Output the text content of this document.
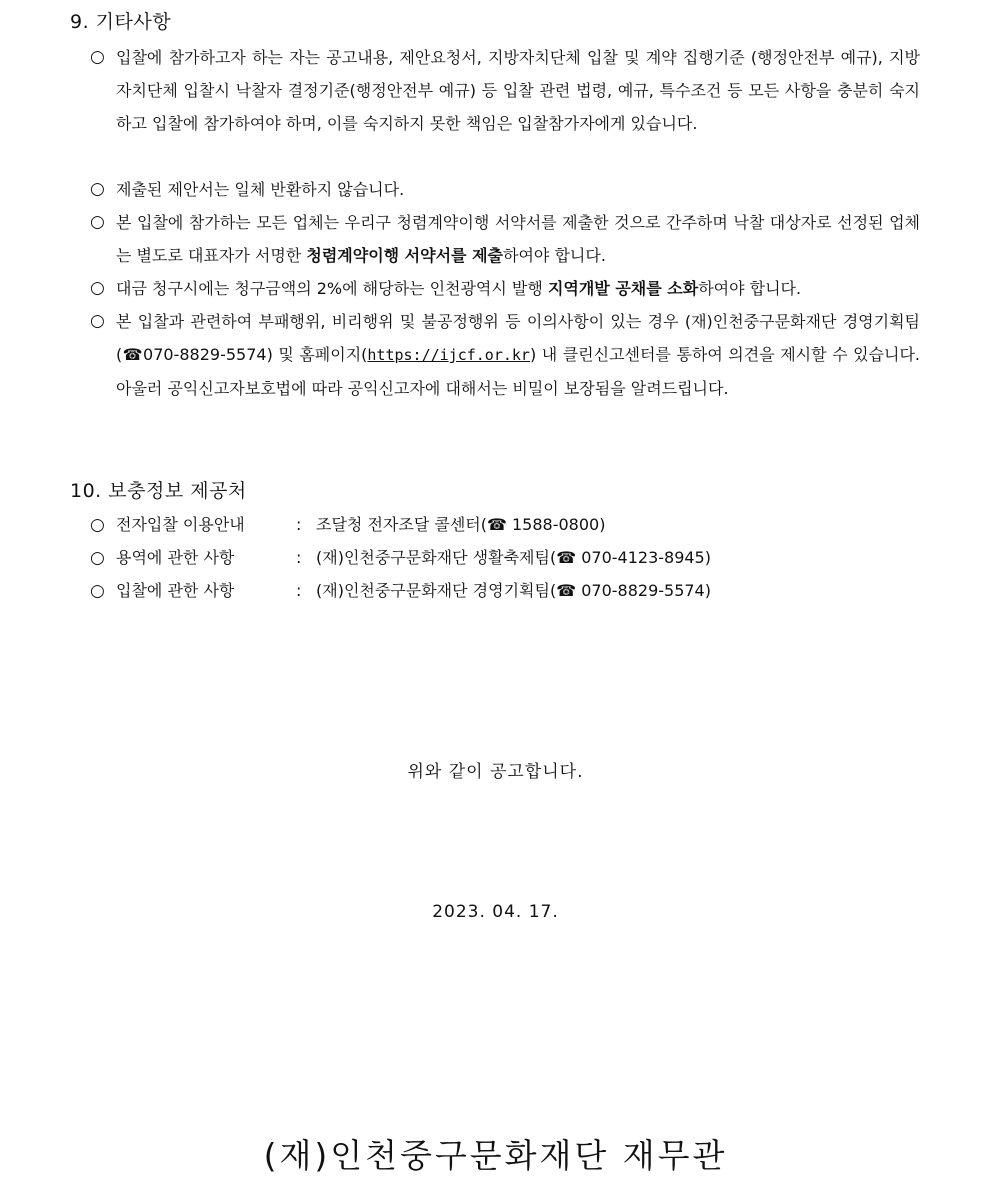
9. 기타사항
○ 입찰에 참가하고자 하는 자는 공고내용, 제안요청서, 지방자치단체 입찰 및 계약 집행기준 (행정안전부 예규), 지방자치단체 입찰시 낙찰자 결정기준(행정안전부 예규) 등 입찰 관련 법령, 예규, 특수조건 등 모든 사항을 충분히 숙지하고 입찰에 참가하여야 하며, 이를 숙지하지 못한 책임은 입찰참가자에게 있습니다.
○ 제출된 제안서는 일체 반환하지 않습니다.
○ 본 입찰에 참가하는 모든 업체는 우리구 청렴계약이행 서약서를 제출한 것으로 간주하며 낙찰 대상자로 선정된 업체는 별도로 대표자가 서명한 청렴계약이행 서약서를 제출하여야 합니다.
○ 대금 청구시에는 청구금액의 2%에 해당하는 인천광역시 발행 지역개발 공채를 소화하여야 합니다.
○ 본 입찰과 관련하여 부패행위, 비리행위 및 불공정행위 등 이의사항이 있는 경우 (재)인천중구문화재단 경영기획팀(☎070-8829-5574) 및 홈페이지(https://ijcf.or.kr) 내 클린신고센터를 통하여 의견을 제시할 수 있습니다. 아울러 공익신고자보호법에 따라 공익신고자에 대해서는 비밀이 보장됨을 알려드립니다.
10. 보충정보 제공처
○ 전자입찰 이용안내	: 조달청 전자조달 콜센터(☎ 1588-0800)
○ 용역에 관한 사항	: (재)인천중구문화재단 생활축제팀(☎ 070-4123-8945)
○ 입찰에 관한 사항	: (재)인천중구문화재단 경영기획팀(☎ 070-8829-5574)
위와 같이 공고합니다.
2023. 04. 17.
(재)인천중구문화재단 재무관
